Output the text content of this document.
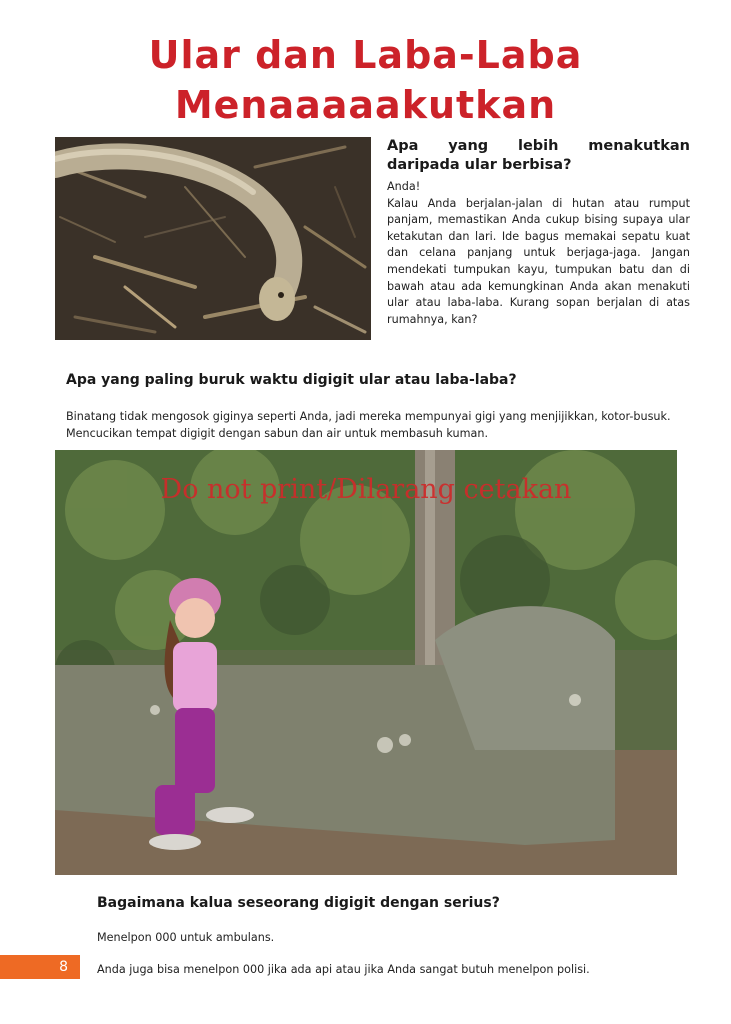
Ular dan Laba-Laba
Menaaaaakutkan
Apa yang lebih menakutkan daripada ular berbisa?

Anda!

Kalau Anda berjalan-jalan di hutan atau rumput panjam, memastikan Anda cukup bising supaya ular ketakutan dan lari. Ide bagus memakai sepatu kuat dan celana panjang untuk berjaga-jaga. Jangan mendekati tumpukan kayu, tumpukan batu dan di bawah atau ada kemungkinan Anda akan menakuti ular atau laba-laba. Kurang sopan berjalan di atas rumahnya, kan?

Apa yang paling buruk waktu digigit ular atau laba-laba?

Binatang tidak mengosok giginya seperti Anda, jadi mereka mempunyai gigi yang menjijikkan, kotor-busuk. Mencucikan tempat digigit dengan sabun dan air untuk membasuh kuman.

Do not print/Dilarang cetakan
Bagaimana kalua seseorang digigit dengan serius?

Menelpon 000 untuk ambulans.

Anda juga bisa menelpon 000 jika ada api atau jika Anda sangat butuh menelpon polisi.

8
